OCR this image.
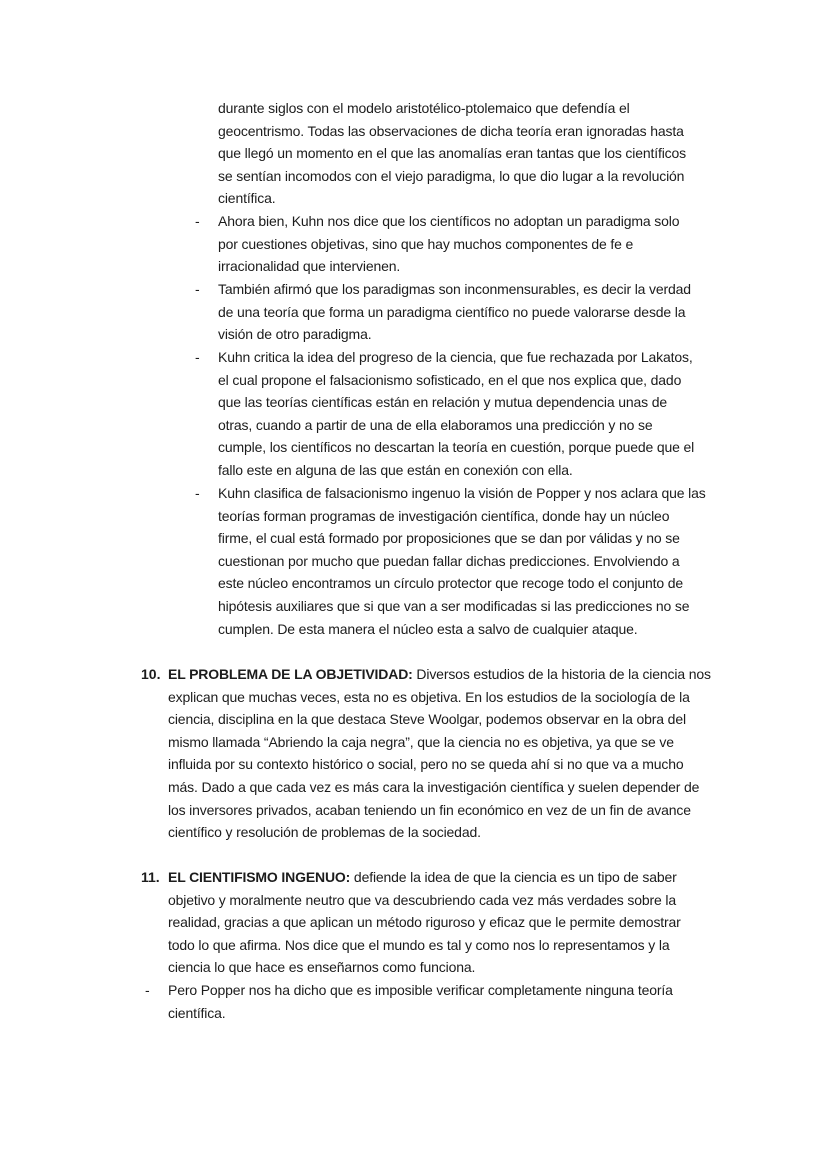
durante siglos con el modelo aristotélico-ptolemaico que defendía el
geocentrismo. Todas las observaciones de dicha teoría eran ignoradas hasta
que llegó un momento en el que las anomalías eran tantas que los científicos
se sentían incomodos con el viejo paradigma, lo que dio lugar a la revolución
científica.
- Ahora bien, Kuhn nos dice que los científicos no adoptan un paradigma solo
por cuestiones objetivas, sino que hay muchos componentes de fe e
irracionalidad que intervienen.
- También afirmó que los paradigmas son inconmensurables, es decir la verdad
de una teoría que forma un paradigma científico no puede valorarse desde la
visión de otro paradigma.
- Kuhn critica la idea del progreso de la ciencia, que fue rechazada por Lakatos,
el cual propone el falsacionismo sofisticado, en el que nos explica que, dado
que las teorías científicas están en relación y mutua dependencia unas de
otras, cuando a partir de una de ella elaboramos una predicción y no se
cumple, los científicos no descartan la teoría en cuestión, porque puede que el
fallo este en alguna de las que están en conexión con ella.
- Kuhn clasifica de falsacionismo ingenuo la visión de Popper y nos aclara que las
teorías forman programas de investigación científica, donde hay un núcleo
firme, el cual está formado por proposiciones que se dan por válidas y no se
cuestionan por mucho que puedan fallar dichas predicciones. Envolviendo a
este núcleo encontramos un círculo protector que recoge todo el conjunto de
hipótesis auxiliares que si que van a ser modificadas si las predicciones no se
cumplen. De esta manera el núcleo esta a salvo de cualquier ataque.
10. EL PROBLEMA DE LA OBJETIVIDAD: Diversos estudios de la historia de la ciencia nos
explican que muchas veces, esta no es objetiva. En los estudios de la sociología de la
ciencia, disciplina en la que destaca Steve Woolgar, podemos observar en la obra del
mismo llamada “Abriendo la caja negra”, que la ciencia no es objetiva, ya que se ve
influida por su contexto histórico o social, pero no se queda ahí si no que va a mucho
más. Dado a que cada vez es más cara la investigación científica y suelen depender de
los inversores privados, acaban teniendo un fin económico en vez de un fin de avance
científico y resolución de problemas de la sociedad.
11. EL CIENTIFISMO INGENUO: defiende la idea de que la ciencia es un tipo de saber
objetivo y moralmente neutro que va descubriendo cada vez más verdades sobre la
realidad, gracias a que aplican un método riguroso y eficaz que le permite demostrar
todo lo que afirma. Nos dice que el mundo es tal y como nos lo representamos y la
ciencia lo que hace es enseñarnos como funciona.
- Pero Popper nos ha dicho que es imposible verificar completamente ninguna teoría
científica.
